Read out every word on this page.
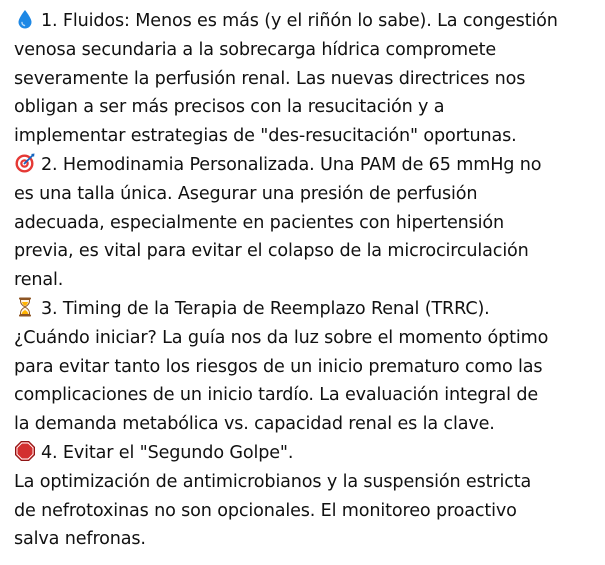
1. Fluidos: Menos es más (y el riñón lo sabe). La congestión
venosa secundaria a la sobrecarga hídrica compromete
severamente la perfusión renal. Las nuevas directrices nos
obligan a ser más precisos con la resucitación y a
implementar estrategias de "des-resucitación" oportunas.
2. Hemodinamia Personalizada. Una PAM de 65 mmHg no
es una talla única. Asegurar una presión de perfusión
adecuada, especialmente en pacientes con hipertensión
previa, es vital para evitar el colapso de la microcirculación
renal.
3. Timing de la Terapia de Reemplazo Renal (TRRC).
¿Cuándo iniciar? La guía nos da luz sobre el momento óptimo
para evitar tanto los riesgos de un inicio prematuro como las
complicaciones de un inicio tardío. La evaluación integral de
la demanda metabólica vs. capacidad renal es la clave.
4. Evitar el "Segundo Golpe".
La optimización de antimicrobianos y la suspensión estricta
de nefrotoxinas no son opcionales. El monitoreo proactivo
salva nefronas.
